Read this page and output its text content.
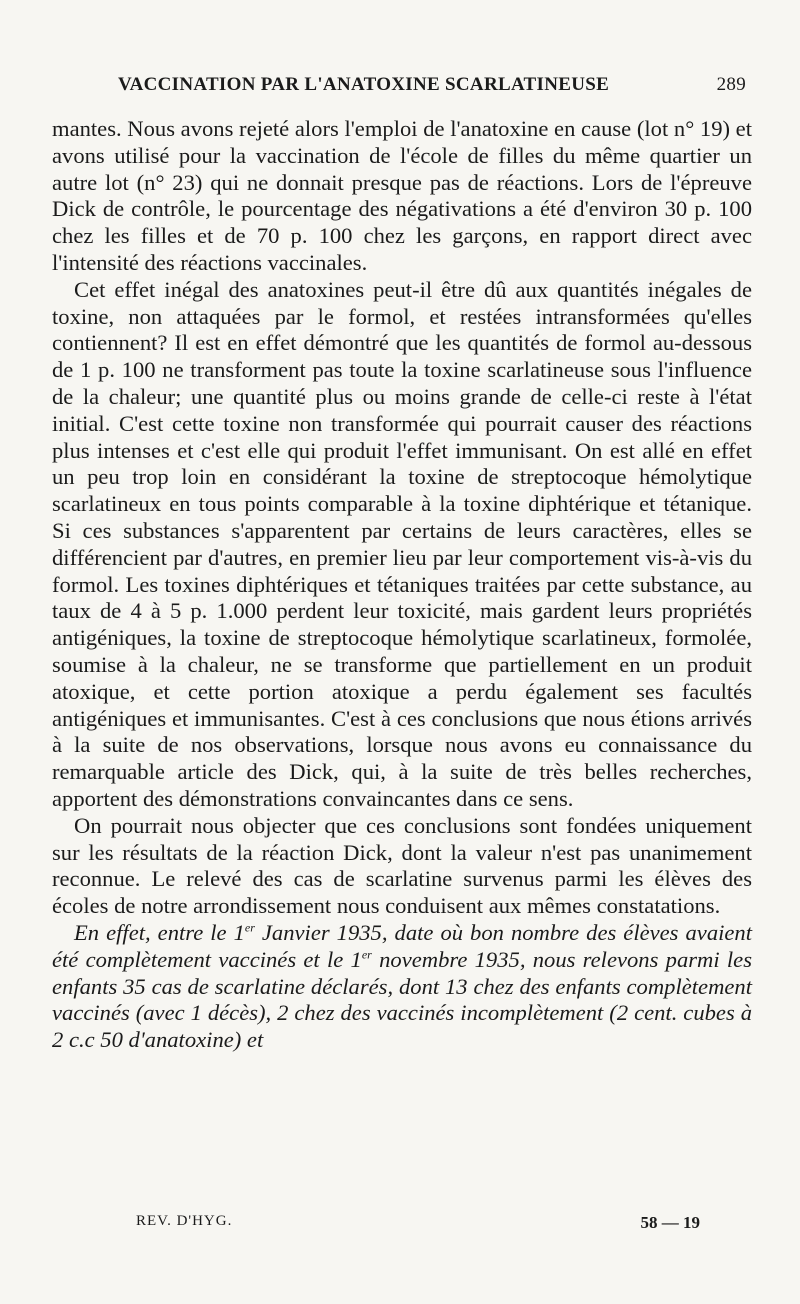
VACCINATION PAR L'ANATOXINE SCARLATINEUSE	289

mantes. Nous avons rejeté alors l'emploi de l'anatoxine en cause (lot n° 19) et avons utilisé pour la vaccination de l'école de filles du même quartier un autre lot (n° 23) qui ne donnait presque pas de réactions. Lors de l'épreuve Dick de contrôle, le pourcentage des négativations a été d'environ 30 p. 100 chez les filles et de 70 p. 100 chez les garçons, en rapport direct avec l'intensité des réactions vaccinales.

Cet effet inégal des anatoxines peut-il être dû aux quantités inégales de toxine, non attaquées par le formol, et restées intransformées qu'elles contiennent? Il est en effet démontré que les quantités de formol au-dessous de 1 p. 100 ne transforment pas toute la toxine scarlatineuse sous l'influence de la chaleur; une quantité plus ou moins grande de celle-ci reste à l'état initial. C'est cette toxine non transformée qui pourrait causer des réactions plus intenses et c'est elle qui produit l'effet immunisant. On est allé en effet un peu trop loin en considérant la toxine de streptocoque hémolytique scarlatineux en tous points comparable à la toxine diphtérique et tétanique. Si ces substances s'apparentent par certains de leurs caractères, elles se différencient par d'autres, en premier lieu par leur comportement vis-à-vis du formol. Les toxines diphtériques et tétaniques traitées par cette substance, au taux de 4 à 5 p. 1.000 perdent leur toxicité, mais gardent leurs propriétés antigéniques, la toxine de streptocoque hémolytique scarlatineux, formolée, soumise à la chaleur, ne se transforme que partiellement en un produit atoxique, et cette portion atoxique a perdu également ses facultés antigéniques et immunisantes. C'est à ces conclusions que nous étions arrivés à la suite de nos observations, lorsque nous avons eu connaissance du remarquable article des Dick, qui, à la suite de très belles recherches, apportent des démonstrations convaincantes dans ce sens.

On pourrait nous objecter que ces conclusions sont fondées uniquement sur les résultats de la réaction Dick, dont la valeur n'est pas unanimement reconnue. Le relevé des cas de scarlatine survenus parmi les élèves des écoles de notre arrondissement nous conduisent aux mêmes constatations.

En effet, entre le 1er Janvier 1935, date où bon nombre des élèves avaient été complètement vaccinés et le 1er novembre 1935, nous relevons parmi les enfants 35 cas de scarlatine déclarés, dont 13 chez des enfants complètement vaccinés (avec 1 décès), 2 chez des vaccinés incomplètement (2 cent. cubes à 2 c.c 50 d'anatoxine) et

REV. D'HYG.	58 — 19
